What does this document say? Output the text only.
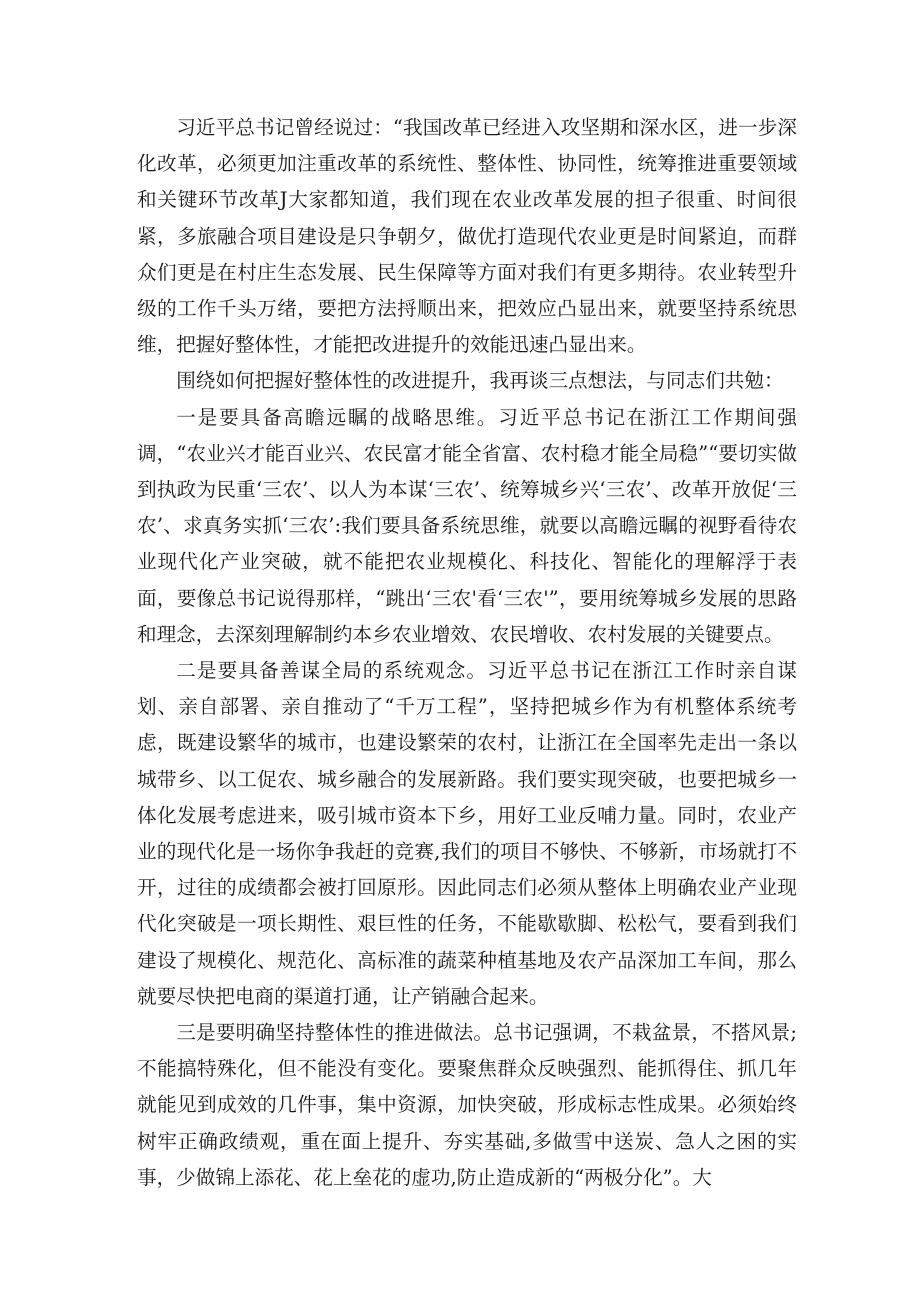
习近平总书记曾经说过：“我国改革已经进入攻坚期和深水区，进一步深化改革，必须更加注重改革的系统性、整体性、协同性，统筹推进重要领域和关键环节改革J大家都知道，我们现在农业改革发展的担子很重、时间很紧，多旅融合项目建设是只争朝夕，做优打造现代农业更是时间紧迫，而群众们更是在村庄生态发展、民生保障等方面对我们有更多期待。农业转型升级的工作千头万绪，要把方法捋顺出来，把效应凸显出来，就要坚持系统思维，把握好整体性，才能把改进提升的效能迅速凸显出来。

围绕如何把握好整体性的改进提升，我再谈三点想法，与同志们共勉：

一是要具备高瞻远瞩的战略思维。习近平总书记在浙江工作期间强调，“农业兴才能百业兴、农民富才能全省富、农村稳才能全局稳”“要切实做到执政为民重‘三农’、以人为本谋‘三农’、统筹城乡兴‘三农’、改革开放促‘三农’、求真务实抓‘三农’:我们要具备系统思维，就要以高瞻远瞩的视野看待农业现代化产业突破，就不能把农业规模化、科技化、智能化的理解浮于表面，要像总书记说得那样，“跳出‘三农'看‘三农'”，要用统筹城乡发展的思路和理念，去深刻理解制约本乡农业增效、农民增收、农村发展的关键要点。

二是要具备善谋全局的系统观念。习近平总书记在浙江工作时亲自谋划、亲自部署、亲自推动了“千万工程”，坚持把城乡作为有机整体系统考虑，既建设繁华的城市，也建设繁荣的农村，让浙江在全国率先走出一条以城带乡、以工促农、城乡融合的发展新路。我们要实现突破，也要把城乡一体化发展考虑进来，吸引城市资本下乡，用好工业反哺力量。同时，农业产业的现代化是一场你争我赶的竞赛,我们的项目不够快、不够新，市场就打不开，过往的成绩都会被打回原形。因此同志们必须从整体上明确农业产业现代化突破是一项长期性、艰巨性的任务，不能歇歇脚、松松气，要看到我们建设了规模化、规范化、高标准的蔬菜种植基地及农产品深加工车间，那么就要尽快把电商的渠道打通，让产销融合起来。

三是要明确坚持整体性的推进做法。总书记强调，不栽盆景，不搭风景;不能搞特殊化，但不能没有变化。要聚焦群众反映强烈、能抓得住、抓几年就能见到成效的几件事，集中资源，加快突破，形成标志性成果。必须始终树牢正确政绩观，重在面上提升、夯实基础,多做雪中送炭、急人之困的实事，少做锦上添花、花上垒花的虚功,防止造成新的“两极分化”。大
